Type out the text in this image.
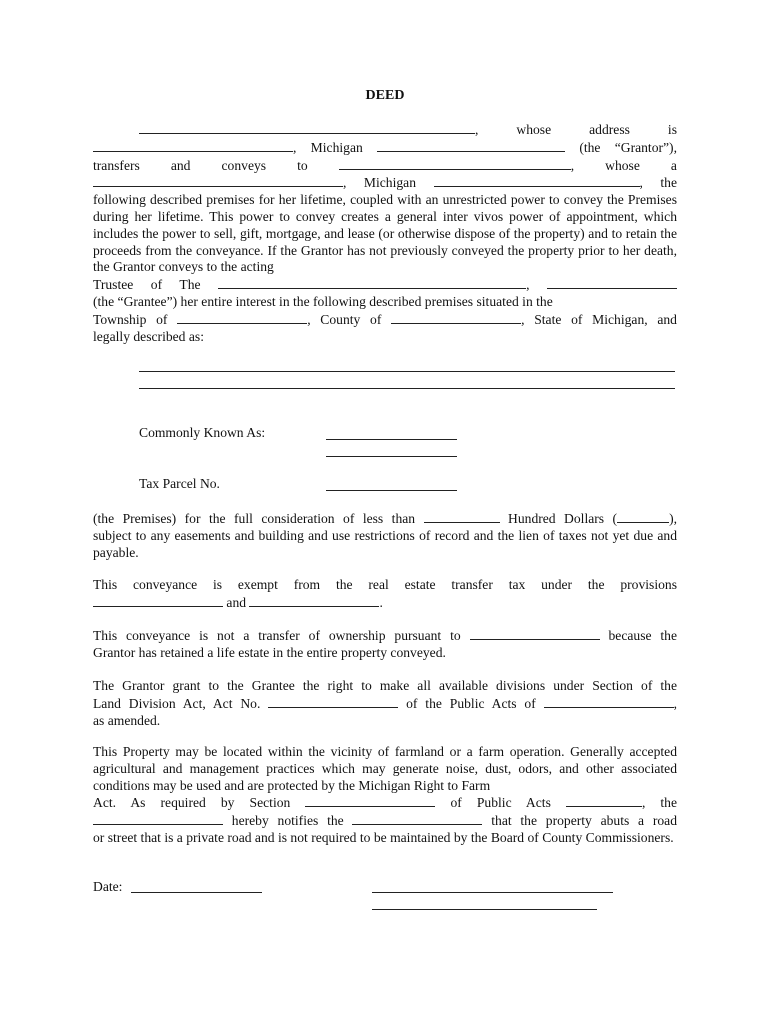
DEED
, whose	address	is
, Michigan	(the “Grantor”),
transfers and conveys to	, whose a
, Michigan	, the
following described premises for her lifetime, coupled with an unrestricted power to convey the Premises during her lifetime. This power to convey creates a general inter vivos power of appointment, which includes the power to sell, gift, mortgage, and lease (or otherwise dispose of the property) and to retain the proceeds from the conveyance. If the Grantor has not previously conveyed the property prior to her death, the Grantor conveys to the acting
Trustee of The	,
(the “Grantee”) her entire interest in the following described premises situated in the
Township of	, County of	, State of Michigan, and
legally described as:
Commonly Known As:
Tax Parcel No.
(the Premises) for the full consideration of less than	Hundred Dollars (	),
subject to any easements and building and use restrictions of record and the lien of taxes not yet due and payable.
This conveyance is exempt from the real estate transfer tax under the provisions
and	.
This conveyance is not a transfer of ownership pursuant to	because the
Grantor has retained a life estate in the entire property conveyed.
The Grantor grant to the Grantee the right to make all available divisions under Section of the
Land Division Act, Act No.	of the Public Acts of	,
as amended.
This Property may be located within the vicinity of farmland or a farm operation. Generally accepted agricultural and management practices which may generate noise, dust, odors, and other associated conditions may be used and are protected by the Michigan Right to Farm
Act. As required by Section	of Public Acts	, the
hereby notifies the	that the property abuts a road
or street that is a private road and is not required to be maintained by the Board of County Commissioners.
Date:
